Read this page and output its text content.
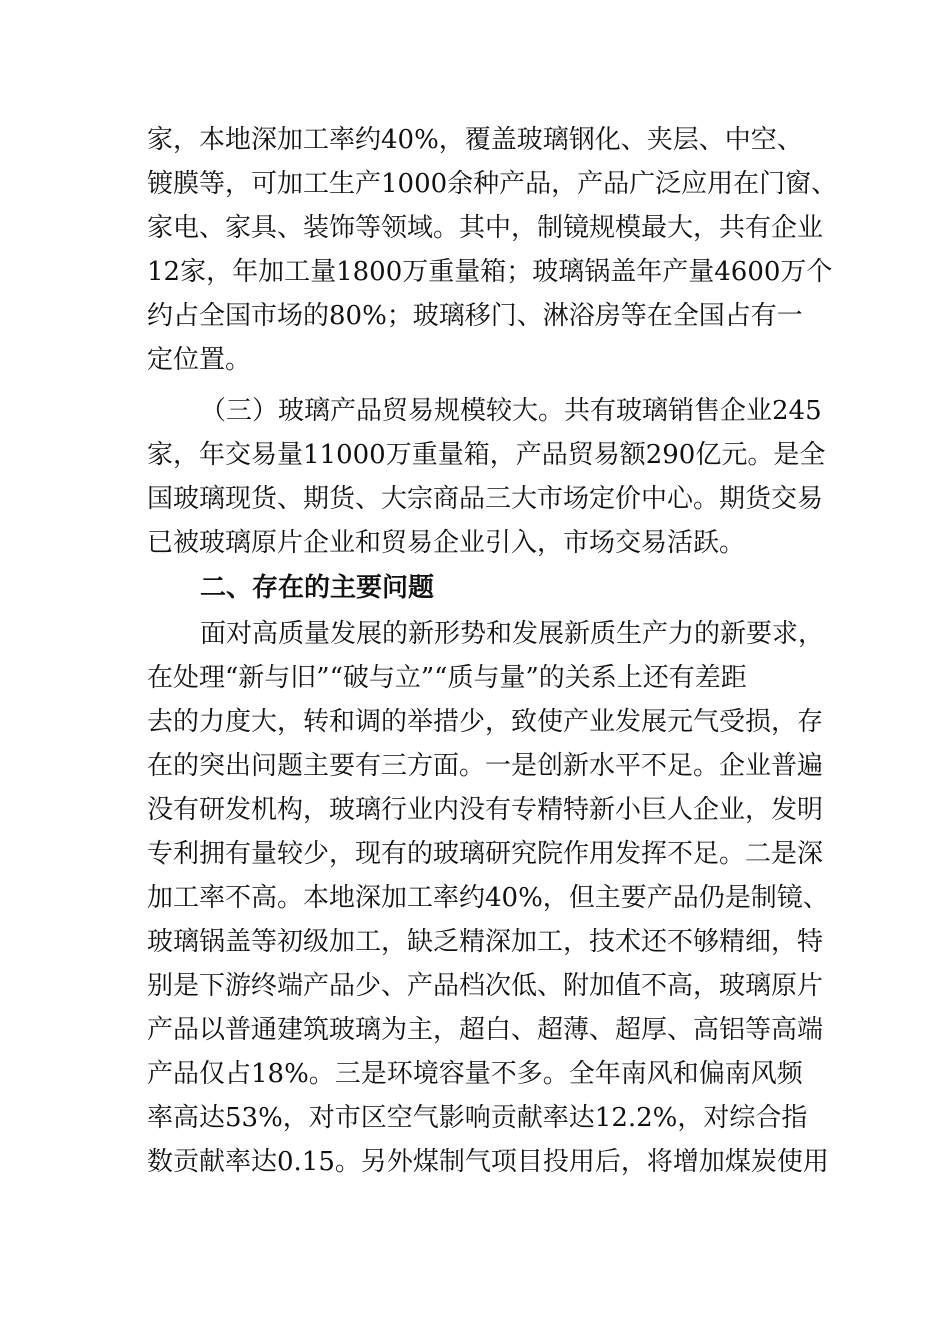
家，本地深加工率约40%，覆盖玻璃钢化、夹层、中空、
镀膜等，可加工生产1000余种产品，产品广泛应用在门窗、
家电、家具、装饰等领域。其中，制镜规模最大，共有企业
12家，年加工量1800万重量箱；玻璃锅盖年产量4600万个
约占全国市场的80%；玻璃移门、淋浴房等在全国占有一
定位置。
（三）玻璃产品贸易规模较大。共有玻璃销售企业245
家，年交易量11000万重量箱，产品贸易额290亿元。是全
国玻璃现货、期货、大宗商品三大市场定价中心。期货交易
已被玻璃原片企业和贸易企业引入，市场交易活跃。
二、存在的主要问题
面对高质量发展的新形势和发展新质生产力的新要求，
在处理“新与旧”“破与立”“质与量”的关系上还有差距
去的力度大，转和调的举措少，致使产业发展元气受损，存
在的突出问题主要有三方面。一是创新水平不足。企业普遍
没有研发机构，玻璃行业内没有专精特新小巨人企业，发明
专利拥有量较少，现有的玻璃研究院作用发挥不足。二是深
加工率不高。本地深加工率约40%，但主要产品仍是制镜、
玻璃锅盖等初级加工，缺乏精深加工，技术还不够精细，特
别是下游终端产品少、产品档次低、附加值不高，玻璃原片
产品以普通建筑玻璃为主，超白、超薄、超厚、高铝等高端
产品仅占18%。三是环境容量不多。全年南风和偏南风频
率高达53%，对市区空气影响贡献率达12.2%，对综合指
数贡献率达0.15。另外煤制气项目投用后，将增加煤炭使用
